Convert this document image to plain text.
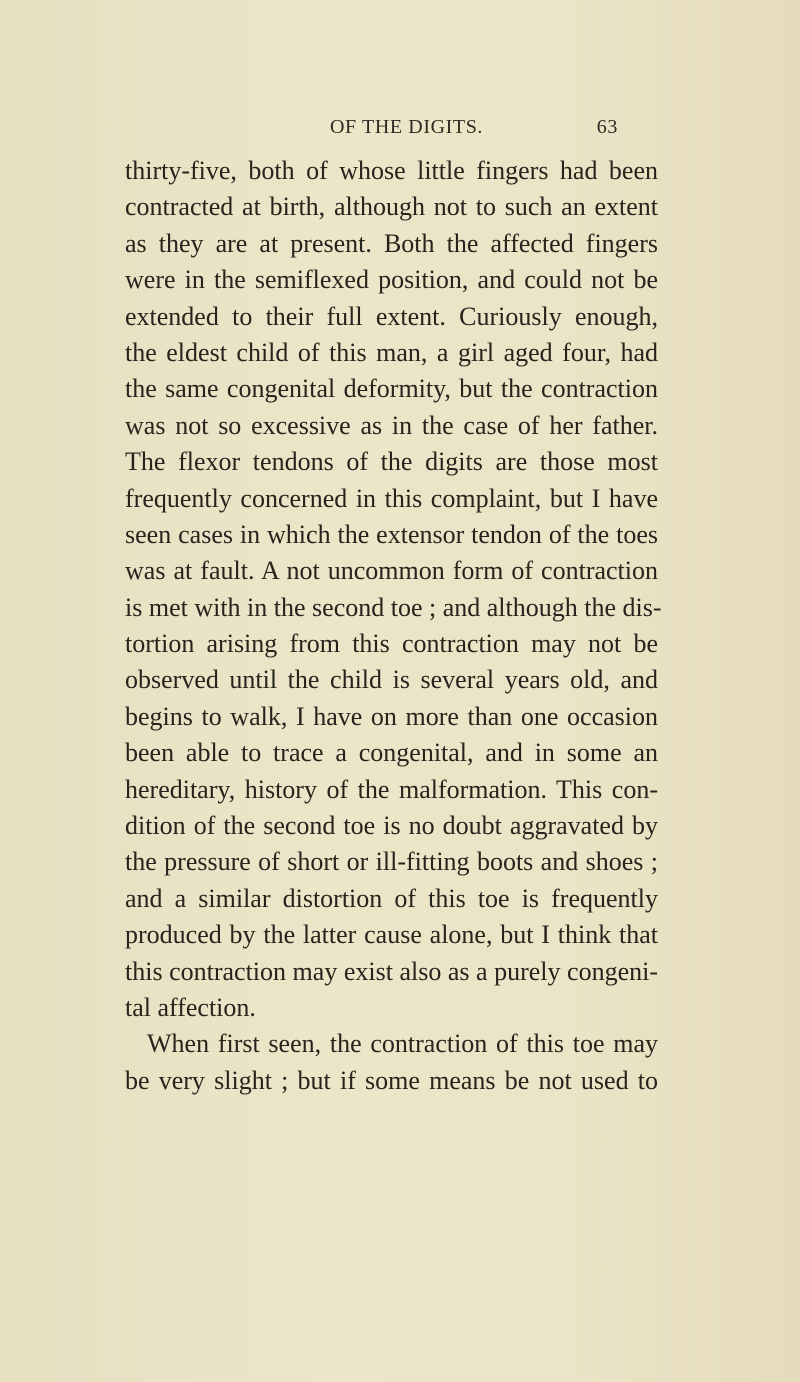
OF THE DIGITS.	63
thirty-five, both of whose little fingers had been
contracted at birth, although not to such an extent
as they are at present. Both the affected fingers
were in the semiflexed position, and could not be
extended to their full extent. Curiously enough,
the eldest child of this man, a girl aged four, had
the same congenital deformity, but the contraction
was not so excessive as in the case of her father.
The flexor tendons of the digits are those most
frequently concerned in this complaint, but I have
seen cases in which the extensor tendon of the toes
was at fault. A not uncommon form of contraction
is met with in the second toe ; and although the dis-
tortion arising from this contraction may not be
observed until the child is several years old, and
begins to walk, I have on more than one occasion
been able to trace a congenital, and in some an
hereditary, history of the malformation. This con-
dition of the second toe is no doubt aggravated by
the pressure of short or ill-fitting boots and shoes ;
and a similar distortion of this toe is frequently
produced by the latter cause alone, but I think that
this contraction may exist also as a purely congeni-
tal affection.
When first seen, the contraction of this toe may
be very slight ; but if some means be not used to
